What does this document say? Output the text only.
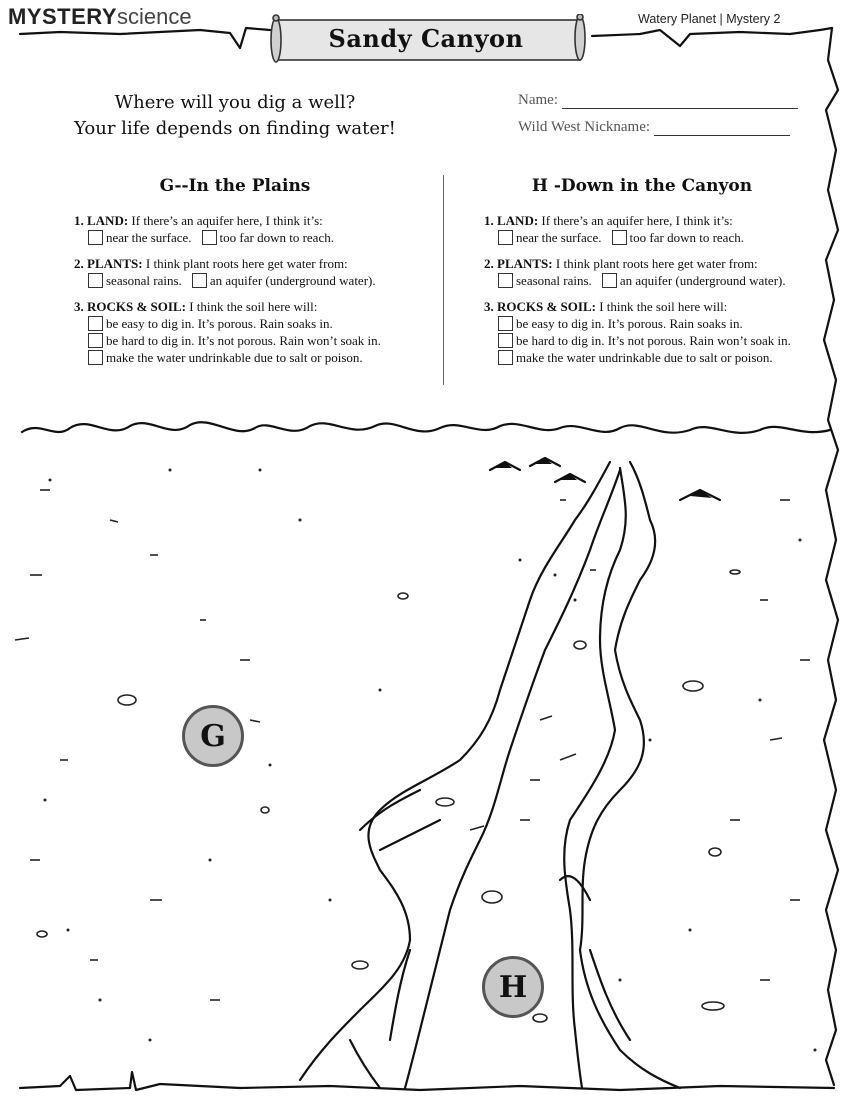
MYSTERYscience
Sandy Canyon
Watery Planet | Mystery 2
Where will you dig a well?
Your life depends on finding water!
Name:
Wild West Nickname:
G--In the Plains
1. LAND: If there’s an aquifer here, I think it’s:
near the surface. too far down to reach.
2. PLANTS: I think plant roots here get water from:
seasonal rains. an aquifer (underground water).
3. ROCKS & SOIL: I think the soil here will:
be easy to dig in. It’s porous. Rain soaks in.
be hard to dig in. It’s not porous. Rain won’t soak in.
make the water undrinkable due to salt or poison.
H -Down in the Canyon
1. LAND: If there’s an aquifer here, I think it’s:
near the surface. too far down to reach.
2. PLANTS: I think plant roots here get water from:
seasonal rains. an aquifer (underground water).
3. ROCKS & SOIL: I think the soil here will:
be easy to dig in. It’s porous. Rain soaks in.
be hard to dig in. It’s not porous. Rain won’t soak in.
make the water undrinkable due to salt or poison.
G
H
